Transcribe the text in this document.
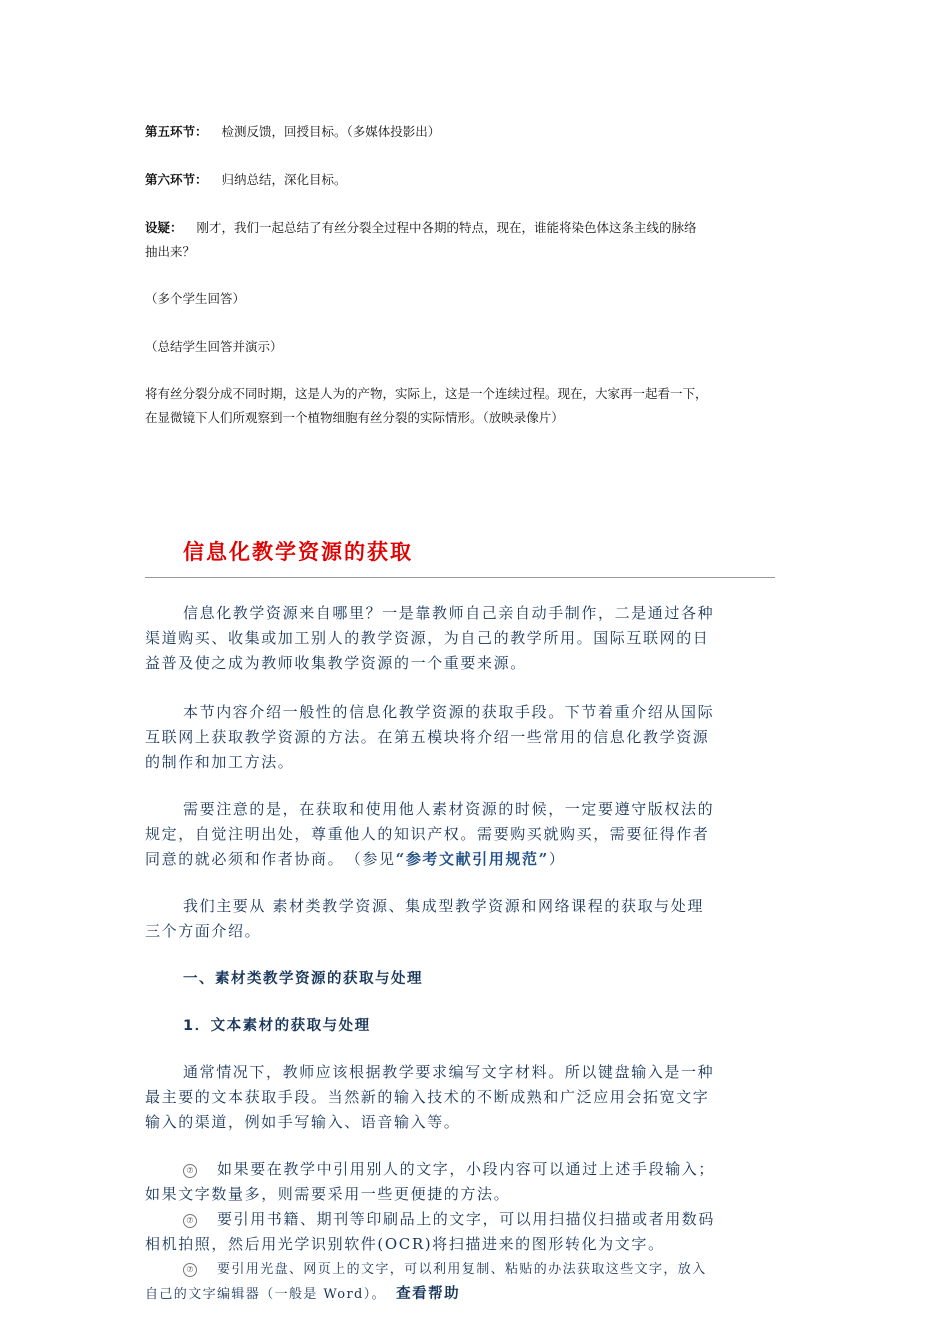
第五环节： 检测反馈，回授目标。（多媒体投影出）
第六环节： 归纳总结，深化目标。
设疑： 刚才，我们一起总结了有丝分裂全过程中各期的特点，现在，谁能将染色体这条主线的脉络
抽出来？
（多个学生回答）
（总结学生回答并演示）
将有丝分裂分成不同时期，这是人为的产物，实际上，这是一个连续过程。现在，大家再一起看一下，
在显微镜下人们所观察到一个植物细胞有丝分裂的实际情形。（放映录像片）
信息化教学资源的获取
信息化教学资源来自哪里？一是靠教师自己亲自动手制作，二是通过各种
渠道购买、收集或加工别人的教学资源，为自己的教学所用。国际互联网的日
益普及使之成为教师收集教学资源的一个重要来源。
本节内容介绍一般性的信息化教学资源的获取手段。下节着重介绍从国际
互联网上获取教学资源的方法。在第五模块将介绍一些常用的信息化教学资源
的制作和加工方法。
需要注意的是，在获取和使用他人素材资源的时候，一定要遵守版权法的
规定，自觉注明出处，尊重他人的知识产权。需要购买就购买，需要征得作者
同意的就必须和作者协商。　（参见“参考文献引用规范”）
我们主要从 素材类教学资源、集成型教学资源和网络课程的获取与处理
三个方面介绍。
一、素材类教学资源的获取与处理
1．文本素材的获取与处理
通常情况下，教师应该根据教学要求编写文字材料。所以键盘输入是一种
最主要的文本获取手段。当然新的输入技术的不断成熟和广泛应用会拓宽文字
输入的渠道，例如手写输入、语音输入等。
⑦ 如果要在教学中引用别人的文字，小段内容可以通过上述手段输入；
如果文字数量多，则需要采用一些更便捷的方法。
⑦ 要引用书籍、期刊等印刷品上的文字，可以用扫描仪扫描或者用数码
相机拍照，然后用光学识别软件(OCR)将扫描进来的图形转化为文字。
⑦ 要引用光盘、网页上的文字，可以利用复制、粘贴的办法获取这些文字，放入
自己的文字编辑器（一般是 Word）。 查看帮助
